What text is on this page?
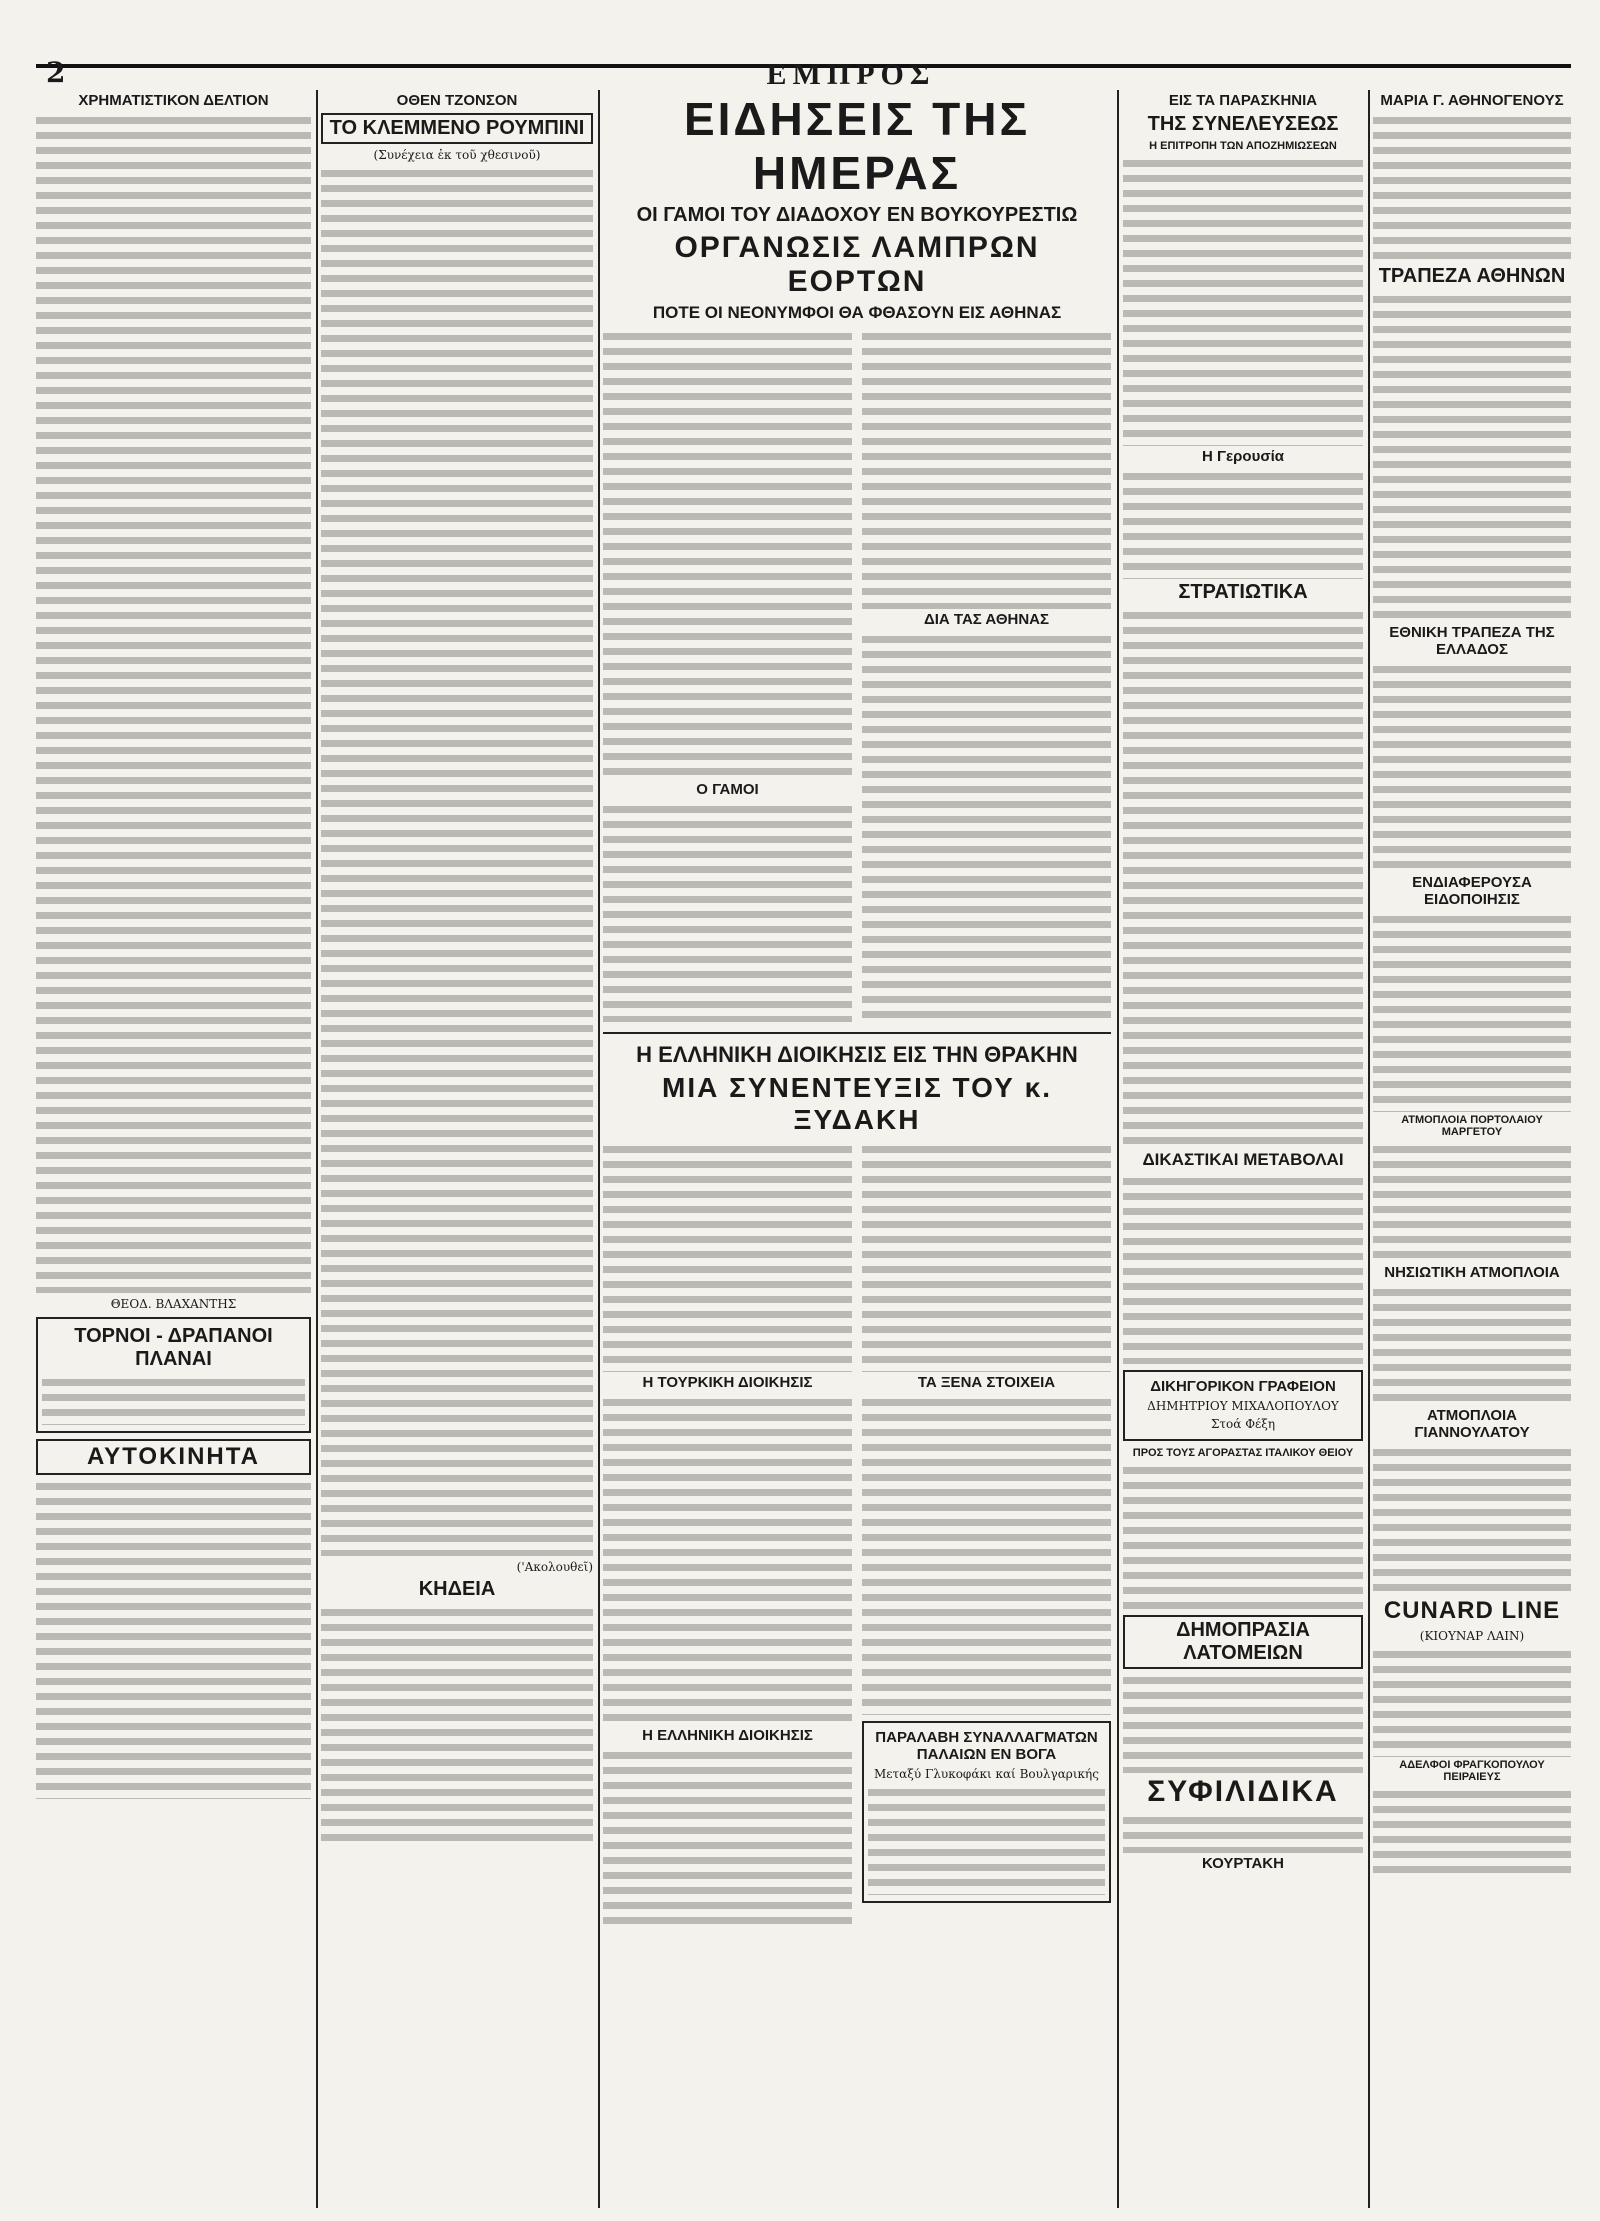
2	ΕΜΠΡΟΣ
ΧΡΗΜΑΤΙΣΤΙΚΟΝ ΔΕΛΤΙΟΝ
ΘΕΟΔ. ΒΛΑΧΑΝΤΗΣ
ΤΟΡΝΟΙ - ΔΡΑΠΑΝΟΙ ΠΛΑΝΑΙ
ΑΥΤΟΚΙΝΗΤΑ
ΟΘΕΝ ΤΖΟΝΣΟΝ
ΤΟ ΚΛΕΜΜΕΝΟ ΡΟΥΜΠΙΝΙ
(Συνέχεια ἐκ τοῦ χθεσινοῦ)
('Ακολουθεῖ)
ΚΗΔΕΙΑ
ΕΙΔΗΣΕΙΣ ΤΗΣ ΗΜΕΡΑΣ
ΟΙ ΓΑΜΟΙ ΤΟΥ ΔΙΑΔΟΧΟΥ ΕΝ ΒΟΥΚΟΥΡΕΣΤΙΩ
ΟΡΓΑΝΩΣΙΣ ΛΑΜΠΡΩΝ ΕΟΡΤΩΝ
ΠΟΤΕ ΟΙ ΝΕΟΝΥΜΦΟΙ ΘΑ ΦΘΑΣΟΥΝ ΕΙΣ ΑΘΗΝΑΣ
Ο ΓΑΜΟΙ
ΔΙΑ ΤΑΣ ΑΘΗΝΑΣ
Η ΕΛΛΗΝΙΚΗ ΔΙΟΙΚΗΣΙΣ ΕΙΣ ΤΗΝ ΘΡΑΚΗΝ
ΜΙΑ ΣΥΝΕΝΤΕΥΞΙΣ ΤΟΥ κ. ΞΥΔΑΚΗ
Η ΤΟΥΡΚΙΚΗ ΔΙΟΙΚΗΣΙΣ
Η ΕΛΛΗΝΙΚΗ ΔΙΟΙΚΗΣΙΣ
ΤΑ ΞΕΝΑ ΣΤΟΙΧΕΙΑ
ΠΑΡΑΛΑΒΗ ΣΥΝΑΛΛΑΓΜΑΤΩΝ ΠΑΛΑΙΩΝ ΕΝ ΒΟΓΑ
Μεταξύ Γλυκοφάκι καί Βουλγαρικής
ΕΙΣ ΤΑ ΠΑΡΑΣΚΗΝΙΑ
ΤΗΣ ΣΥΝΕΛΕΥΣΕΩΣ
Η ΕΠΙΤΡΟΠΗ ΤΩΝ ΑΠΟΖΗΜΙΩΣΕΩΝ
Η Γερουσία
ΣΤΡΑΤΙΩΤΙΚΑ
ΔΙΚΑΣΤΙΚΑΙ ΜΕΤΑΒΟΛΑΙ
ΔΙΚΗΓΟΡΙΚΟΝ ΓΡΑΦΕΙΟΝ
ΔΗΜΗΤΡΙΟΥ ΜΙΧΑΛΟΠΟΥΛΟΥ
Στοά Φέξη
ΠΡΟΣ ΤΟΥΣ ΑΓΟΡΑΣΤΑΣ ΙΤΑΛΙΚΟΥ ΘΕΙΟΥ
ΔΗΜΟΠΡΑΣΙΑ ΛΑΤΟΜΕΙΩΝ
ΣΥΦΙΛΙΔΙΚΑ
ΚΟΥΡΤΑΚΗ
ΜΑΡΙΑ Γ. ΑΘΗΝΟΓΕΝΟΥΣ
ΤΡΑΠΕΖΑ ΑΘΗΝΩΝ
ΕΘΝΙΚΗ ΤΡΑΠΕΖΑ ΤΗΣ ΕΛΛΑΔΟΣ
ΕΝΔΙΑΦΕΡΟΥΣΑ ΕΙΔΟΠΟΙΗΣΙΣ
ΑΤΜΟΠΛΟΙΑ ΠΟΡΤΟΛΑΙΟΥ ΜΑΡΓΕΤΟΥ
ΝΗΣΙΩΤΙΚΗ ΑΤΜΟΠΛΟΙΑ
ΑΤΜΟΠΛΟΙΑ ΓΙΑΝΝΟΥΛΑΤΟΥ
CUNARD LINE
(ΚΙΟΥΝΑΡ ΛΑΙΝ)
ΑΔΕΛΦΟΙ ΦΡΑΓΚΟΠΟΥΛΟΥ ΠΕΙΡΑΙΕΥΣ
